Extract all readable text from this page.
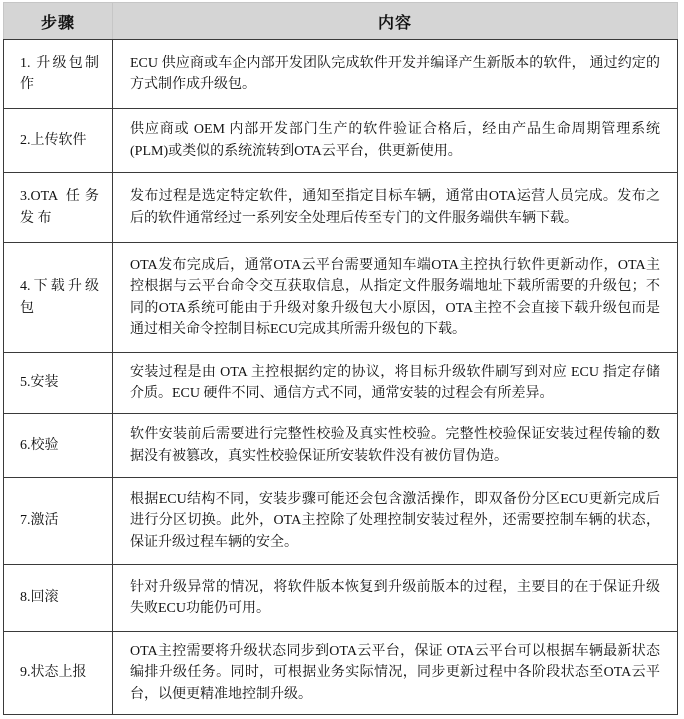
步骤	内容
1. 升级包制作	ECU 供应商或车企内部开发团队完成软件开发并编译产生新版本的软件， 通过约定的方式制作成升级包。
2.上传软件	供应商或 OEM 内部开发部门生产的软件验证合格后，经由产品生命周期管理系统(PLM)或类似的系统流转到OTA云平台，供更新使用。
3.OTA 任务发 布	发布过程是选定特定软件，通知至指定目标车辆，通常由OTA运营人员完成。发布之后的软件通常经过一系列安全处理后传至专门的文件服务端供车辆下载。
4.下载升级包	OTA发布完成后，通常OTA云平台需要通知车端OTA主控执行软件更新动作，OTA主控根据与云平台命令交互获取信息，从指定文件服务端地址下载所需要的升级包；不同的OTA系统可能由于升级对象升级包大小原因，OTA主控不会直接下载升级包而是通过相关命令控制目标ECU完成其所需升级包的下载。
5.安装	安装过程是由 OTA 主控根据约定的协议，将目标升级软件刷写到对应 ECU 指定存储介质。ECU 硬件不同、通信方式不同，通常安装的过程会有所差异。
6.校验	软件安装前后需要进行完整性校验及真实性校验。完整性校验保证安装过程传输的数据没有被篡改，真实性校验保证所安装软件没有被仿冒伪造。
7.激活	根据ECU结构不同，安装步骤可能还会包含激活操作，即双备份分区ECU更新完成后进行分区切换。此外，OTA主控除了处理控制安装过程外，还需要控制车辆的状态，保证升级过程车辆的安全。
8.回滚	针对升级异常的情况，将软件版本恢复到升级前版本的过程，主要目的在于保证升级失败ECU功能仍可用。
9.状态上报	OTA主控需要将升级状态同步到OTA云平台，保证 OTA云平台可以根据车辆最新状态编排升级任务。同时，可根据业务实际情况，同步更新过程中各阶段状态至OTA云平台，以便更精准地控制升级。
